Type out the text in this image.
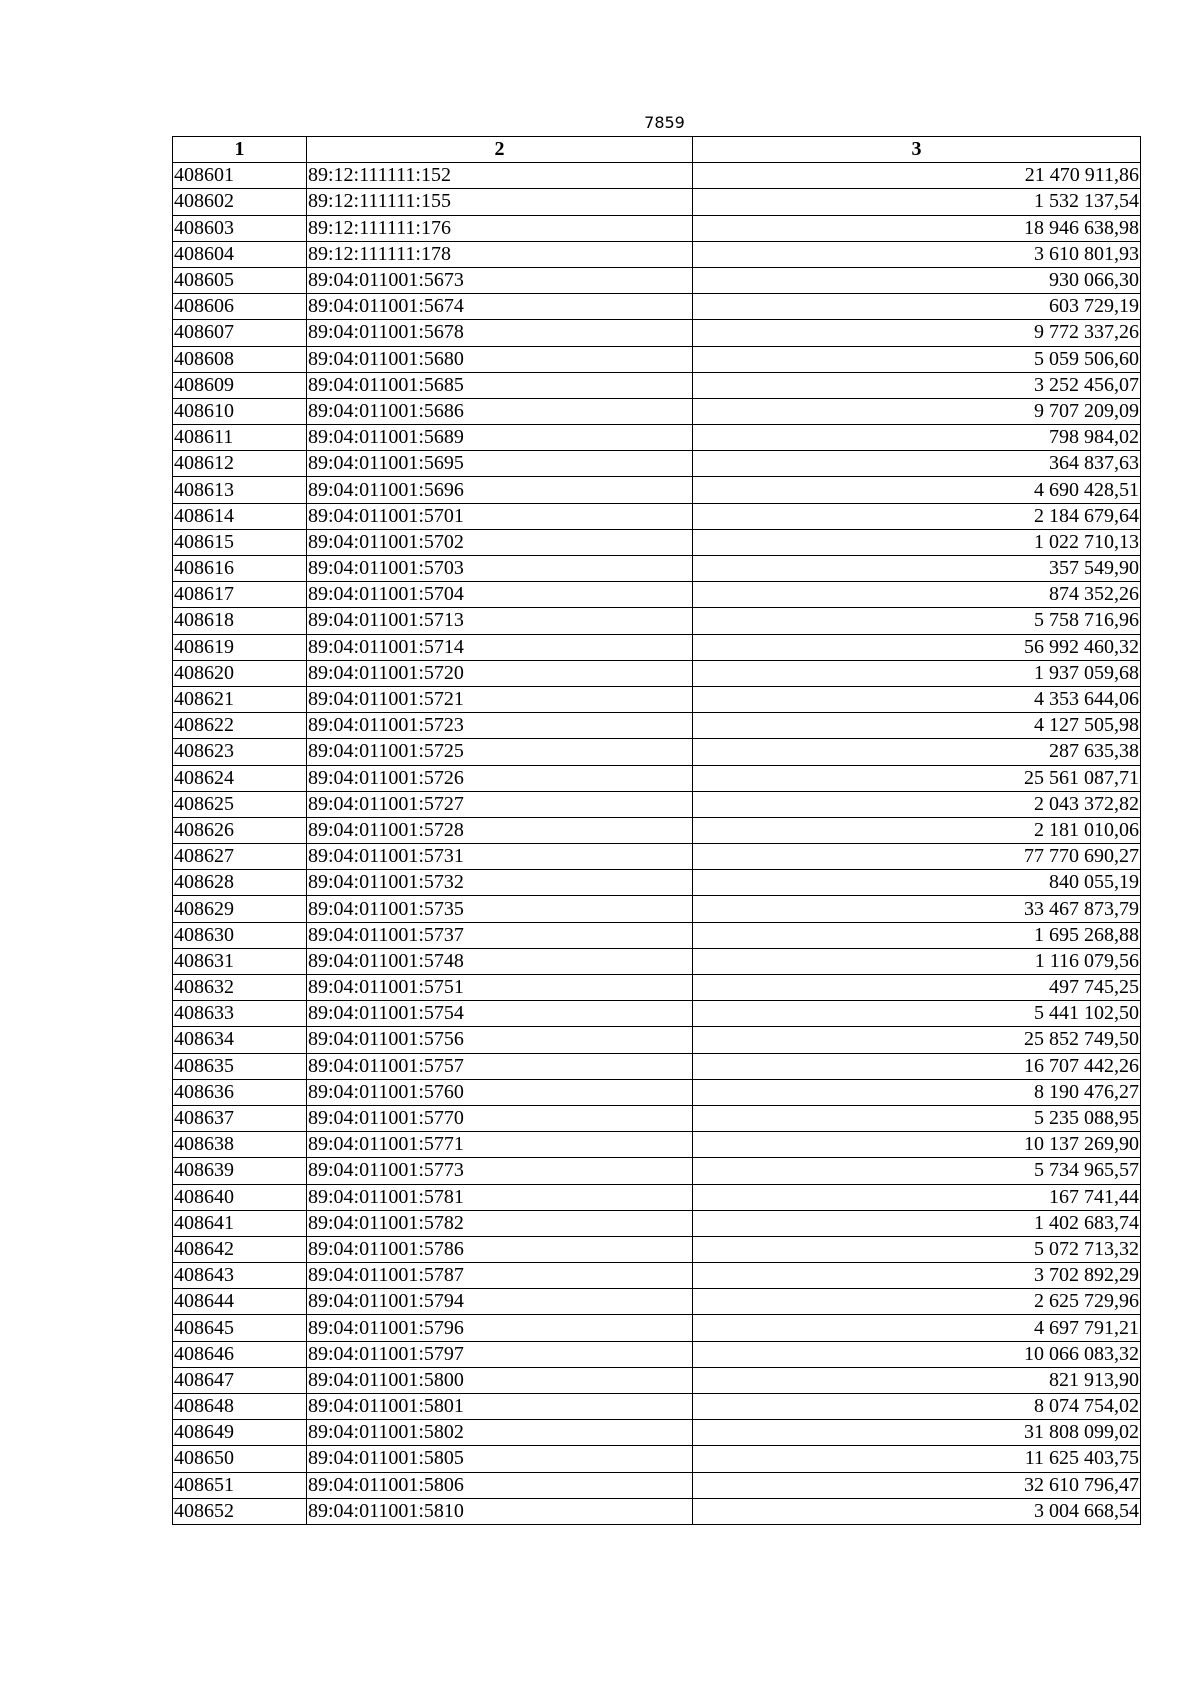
7859
1	2	3
408601	89:12:111111:152	21 470 911,86
408602	89:12:111111:155	1 532 137,54
408603	89:12:111111:176	18 946 638,98
408604	89:12:111111:178	3 610 801,93
408605	89:04:011001:5673	930 066,30
408606	89:04:011001:5674	603 729,19
408607	89:04:011001:5678	9 772 337,26
408608	89:04:011001:5680	5 059 506,60
408609	89:04:011001:5685	3 252 456,07
408610	89:04:011001:5686	9 707 209,09
408611	89:04:011001:5689	798 984,02
408612	89:04:011001:5695	364 837,63
408613	89:04:011001:5696	4 690 428,51
408614	89:04:011001:5701	2 184 679,64
408615	89:04:011001:5702	1 022 710,13
408616	89:04:011001:5703	357 549,90
408617	89:04:011001:5704	874 352,26
408618	89:04:011001:5713	5 758 716,96
408619	89:04:011001:5714	56 992 460,32
408620	89:04:011001:5720	1 937 059,68
408621	89:04:011001:5721	4 353 644,06
408622	89:04:011001:5723	4 127 505,98
408623	89:04:011001:5725	287 635,38
408624	89:04:011001:5726	25 561 087,71
408625	89:04:011001:5727	2 043 372,82
408626	89:04:011001:5728	2 181 010,06
408627	89:04:011001:5731	77 770 690,27
408628	89:04:011001:5732	840 055,19
408629	89:04:011001:5735	33 467 873,79
408630	89:04:011001:5737	1 695 268,88
408631	89:04:011001:5748	1 116 079,56
408632	89:04:011001:5751	497 745,25
408633	89:04:011001:5754	5 441 102,50
408634	89:04:011001:5756	25 852 749,50
408635	89:04:011001:5757	16 707 442,26
408636	89:04:011001:5760	8 190 476,27
408637	89:04:011001:5770	5 235 088,95
408638	89:04:011001:5771	10 137 269,90
408639	89:04:011001:5773	5 734 965,57
408640	89:04:011001:5781	167 741,44
408641	89:04:011001:5782	1 402 683,74
408642	89:04:011001:5786	5 072 713,32
408643	89:04:011001:5787	3 702 892,29
408644	89:04:011001:5794	2 625 729,96
408645	89:04:011001:5796	4 697 791,21
408646	89:04:011001:5797	10 066 083,32
408647	89:04:011001:5800	821 913,90
408648	89:04:011001:5801	8 074 754,02
408649	89:04:011001:5802	31 808 099,02
408650	89:04:011001:5805	11 625 403,75
408651	89:04:011001:5806	32 610 796,47
408652	89:04:011001:5810	3 004 668,54
